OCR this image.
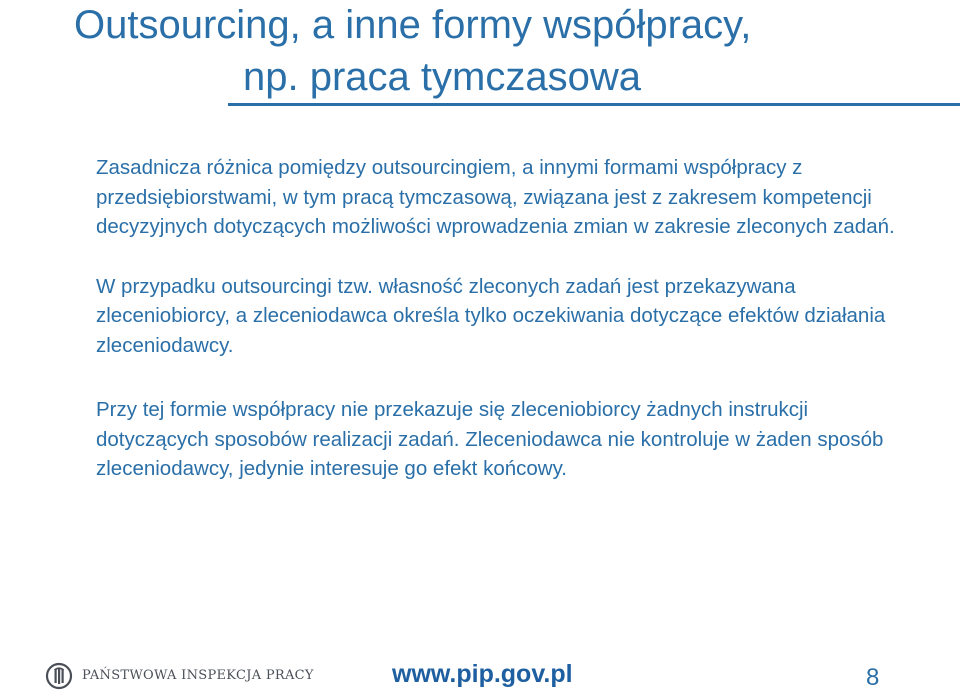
Outsourcing, a inne formy współpracy,
np. praca tymczasowa

Zasadnicza różnica pomiędzy outsourcingiem, a innymi formami współpracy z przedsiębiorstwami, w tym pracą tymczasową, związana jest z zakresem kompetencji decyzyjnych dotyczących możliwości wprowadzenia zmian w zakresie zleconych zadań.

W przypadku outsourcingi tzw. własność zleconych zadań jest przekazywana zleceniobiorcy, a zleceniodawca określa tylko oczekiwania dotyczące efektów działania zleceniodawcy.

Przy tej formie współpracy nie przekazuje się zleceniobiorcy żadnych instrukcji dotyczących sposobów realizacji zadań. Zleceniodawca nie kontroluje w żaden sposób zleceniodawcy, jedynie interesuje go efekt końcowy.

PAŃSTWOWA INSPEKCJA PRACY	www.pip.gov.pl	8
